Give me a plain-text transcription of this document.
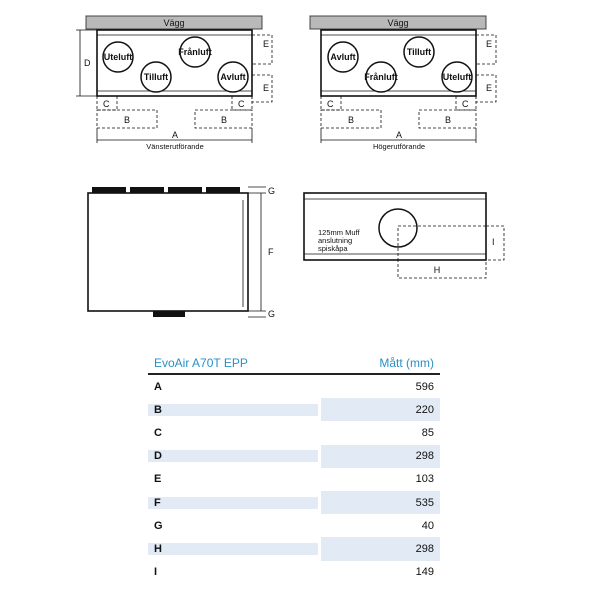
Vägg
E
E
D
Uteluft
Tilluft
Frånluft
Avluft
C	C
B	B
A
Vänsterutförande
Vägg
E
E
Avluft
Frånluft
Tilluft
Uteluft
C	C
B	B
A
Högerutförande
G
F
G
125mm Muff
anslutning
spiskåpa
I
H
EvoAir A70T EPP	Mått (mm)
A	596
B	220
C	85
D	298
E	103
F	535
G	40
H	298
I	149
